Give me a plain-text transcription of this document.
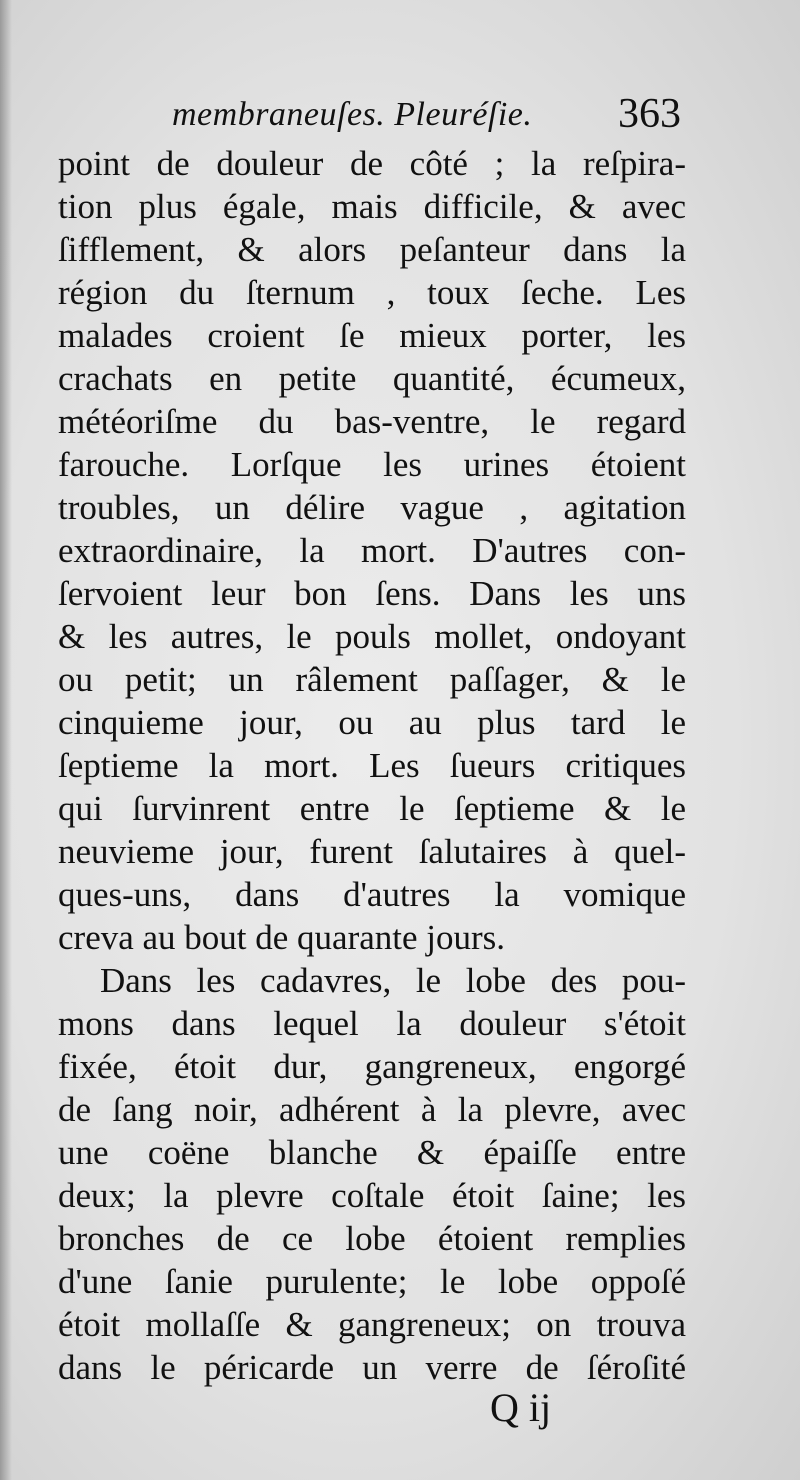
membraneuſes. Pleuréſie. 363
point de douleur de côté ; la reſpira-
tion plus égale, mais difficile, & avec
ſifflement, & alors peſanteur dans la
région du ſternum , toux ſeche. Les
malades croient ſe mieux porter, les
crachats en petite quantité, écumeux,
météoriſme du bas-ventre, le regard
farouche. Lorſque les urines étoient
troubles, un délire vague , agitation
extraordinaire, la mort. D'autres con-
ſervoient leur bon ſens. Dans les uns
& les autres, le pouls mollet, ondoyant
ou petit; un râlement paſſager, & le
cinquieme jour, ou au plus tard le
ſeptieme la mort. Les ſueurs critiques
qui ſurvinrent entre le ſeptieme & le
neuvieme jour, furent ſalutaires à quel-
ques-uns, dans d'autres la vomique
creva au bout de quarante jours.
Dans les cadavres, le lobe des pou-
mons dans lequel la douleur s'étoit
fixée, étoit dur, gangreneux, engorgé
de ſang noir, adhérent à la plevre, avec
une coëne blanche & épaiſſe entre
deux; la plevre coſtale étoit ſaine; les
bronches de ce lobe étoient remplies
d'une ſanie purulente; le lobe oppoſé
étoit mollaſſe & gangreneux; on trouva
dans le péricarde un verre de ſéroſité
Q ij
